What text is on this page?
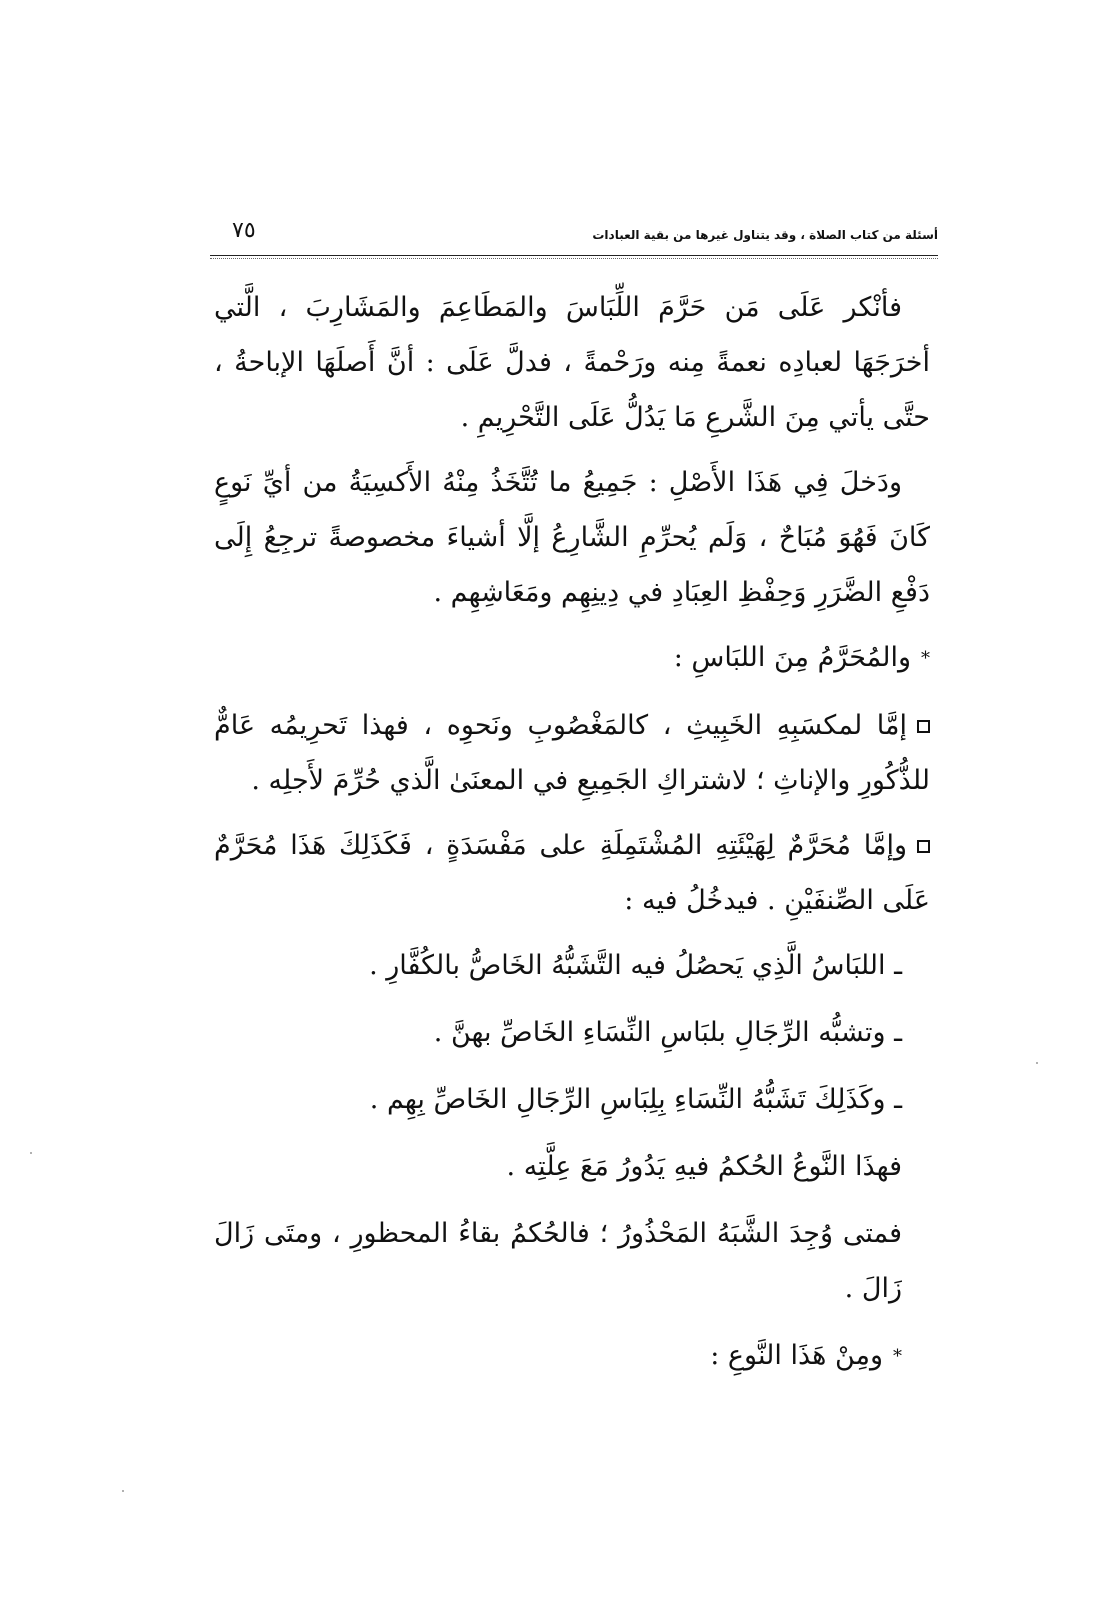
أسئلة من كتاب الصلاة ، وقد يتناول غيرها من بقية العبادات
٧٥

فأنْكر عَلَى مَن حَرَّمَ اللِّبَاسَ والمَطَاعِمَ والمَشَارِبَ ، الَّتي أخرَجَهَا لعبادِه نعمةً مِنه ورَحْمةً ، فدلَّ عَلَى : أنَّ أَصلَهَا الإباحةُ ، حتَّى يأتي مِنَ الشَّرعِ مَا يَدُلُّ عَلَى التَّحْرِيمِ .

ودَخلَ فِي هَذَا الأَصْلِ : جَمِيعُ ما تُتَّخَذُ مِنْهُ الأَكسِيَةُ من أيِّ نَوعٍ كَانَ فَهُوَ مُبَاحٌ ، وَلَم يُحرِّمِ الشَّارِعُ إلَّا أشياءَ مخصوصةً ترجِعُ إِلَى دَفْعِ الضَّرَرِ وَحِفْظِ العِبَادِ في دِينِهِم ومَعَاشِهِم .

*والمُحَرَّمُ مِنَ اللبَاسِ :

إمَّا لمكسَبِهِ الخَبِيثِ ، كالمَغْصُوبِ ونَحوِه ، فهذا تَحرِيمُه عَامٌّ للذُّكُورِ والإناثِ ؛ لاشتراكِ الجَمِيعِ في المعنَىٰ الَّذي حُرِّمَ لأَجلِه .

وإمَّا مُحَرَّمٌ لِهَيْئَتِهِ المُشْتَمِلَةِ على مَفْسَدَةٍ ، فَكَذَلِكَ هَذَا مُحَرَّمٌ عَلَى الصِّنفَيْنِ . فيدخُلُ فيه :

ـ اللبَاسُ الَّذِي يَحصُلُ فيه التَّشَبُّهُ الخَاصُّ بالكُفَّارِ .

ـ وتشبُّه الرِّجَالِ بلبَاسِ النِّسَاءِ الخَاصِّ بهنَّ .

ـ وكَذَلِكَ تَشَبُّهُ النِّسَاءِ بِلِبَاسِ الرِّجَالِ الخَاصِّ بِهِم .

فهذَا النَّوعُ الحُكمُ فيهِ يَدُورُ مَعَ عِلَّتِه .

فمتى وُجِدَ الشَّبَهُ المَحْذُورُ ؛ فالحُكمُ بقاءُ المحظورِ ، ومتَى زَالَ زَالَ .

*ومِنْ هَذَا النَّوعِ :
